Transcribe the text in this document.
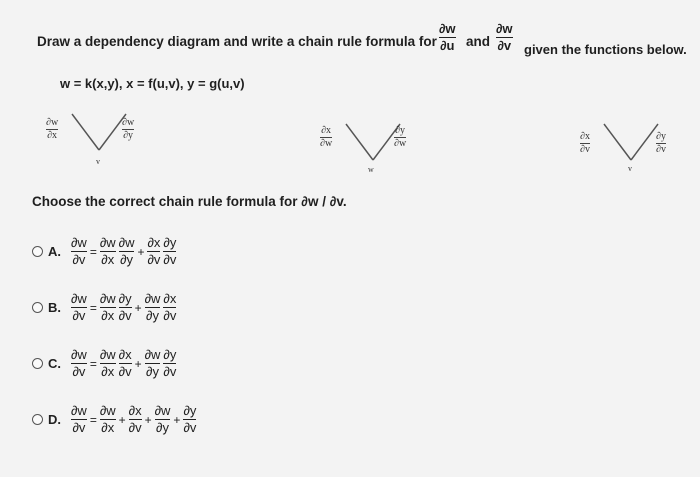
Draw a dependency diagram and write a chain rule formula for
∂w
∂u and
∂w
∂v given the functions below.
w = k(x,y), x = f(u,v), y = g(u,v)
∂w
∂x
∂w
∂y
v
∂x
∂w
∂y
∂w
w
∂x
∂v
∂y
∂v
v
Choose the correct chain rule formula for ∂w / ∂v.
A.
∂w
∂v
=
∂w
∂x
∂w
∂y
+
∂x
∂v
∂y
∂v
B.
∂w
∂v
=
∂w
∂x
∂y
∂v
+
∂w
∂y
∂x
∂v
C.
∂w
∂v
=
∂w
∂x
∂x
∂v
+
∂w
∂y
∂y
∂v
D.
∂w
∂v
=
∂w
∂x
+
∂x
∂v
+
∂w
∂y
+
∂y
∂v
